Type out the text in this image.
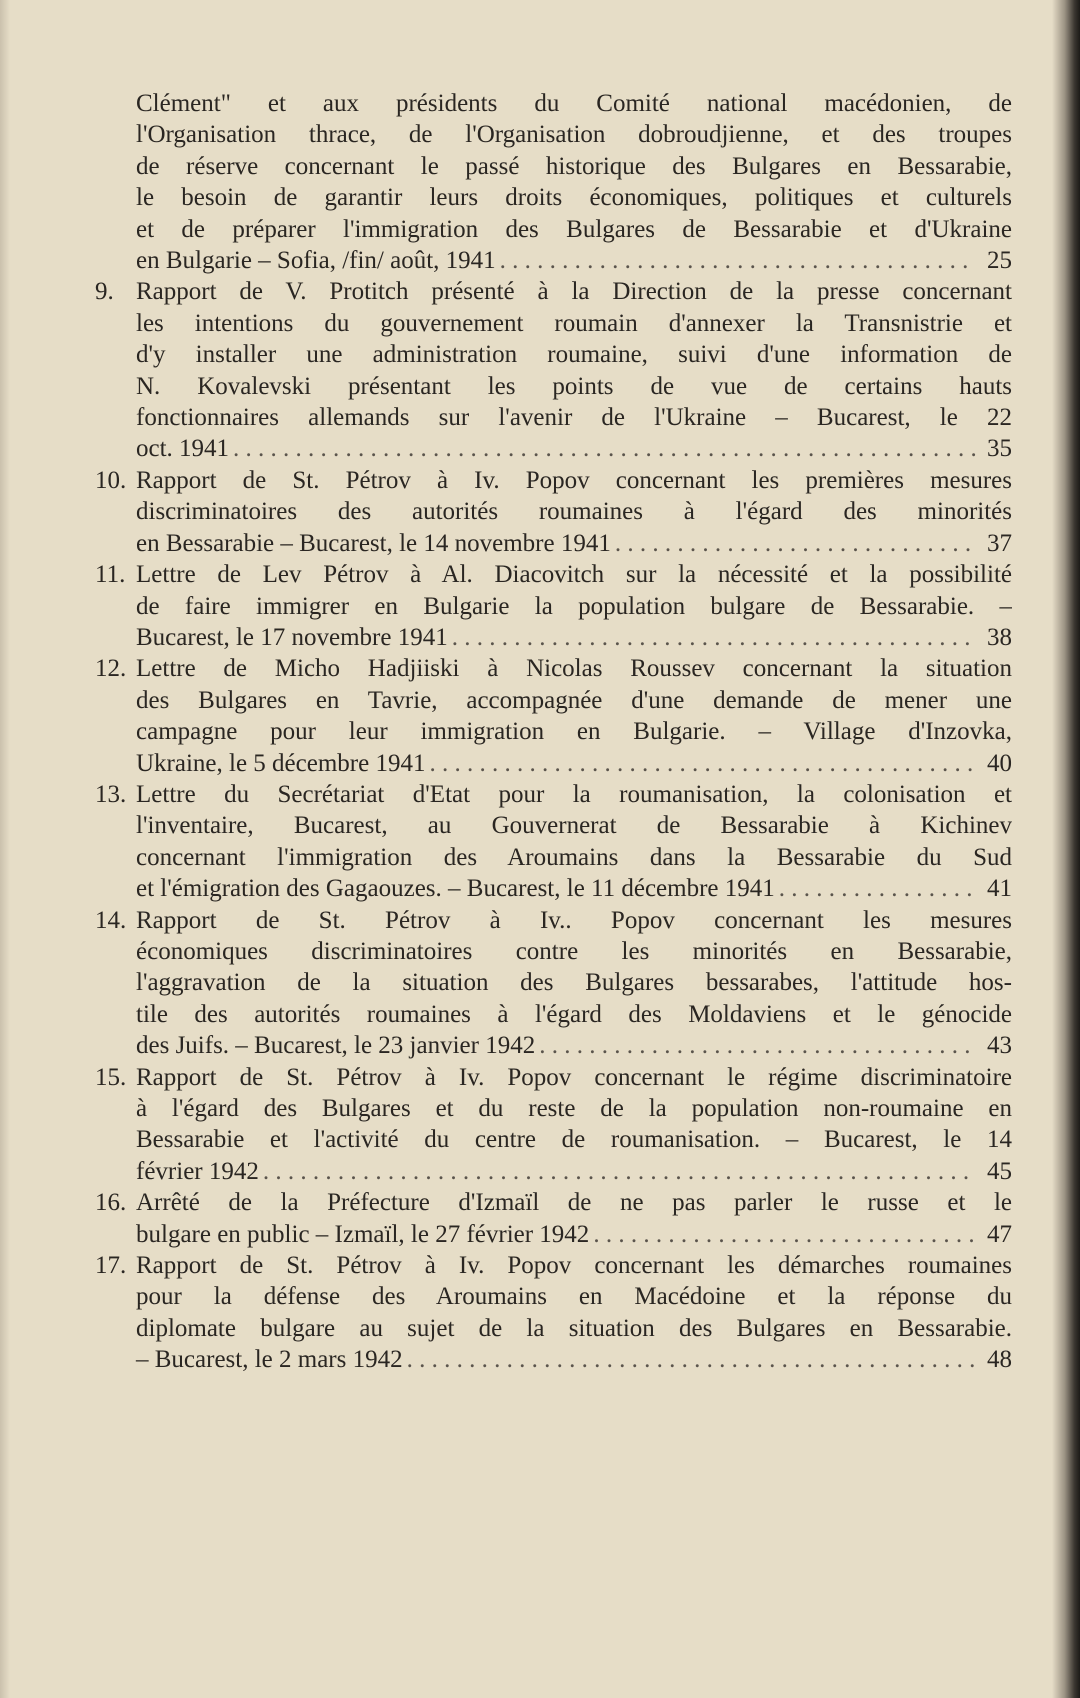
Clément" et aux présidents du Comité national macédonien, de
l'Organisation thrace, de l'Organisation dobroudjienne, et des troupes
de réserve concernant le passé historique des Bulgares en Bessarabie,
le besoin de garantir leurs droits économiques, politiques et culturels
et de préparer l'immigration des Bulgares de Bessarabie et d'Ukraine
en Bulgarie – Sofia, /fin/ août, 1941 . . .	25
9. Rapport de V. Protitch présenté à la Direction de la presse concernant
les intentions du gouvernement roumain d'annexer la Transnistrie et
d'y installer une administration roumaine, suivi d'une information de
N. Kovalevski présentant les points de vue de certains hauts
fonctionnaires allemands sur l'avenir de l'Ukraine – Bucarest, le 22
oct. 1941 . . .	35
10. Rapport de St. Pétrov à Iv. Popov concernant les premières mesures
discriminatoires des autorités roumaines à l'égard des minorités
en Bessarabie – Bucarest, le 14 novembre 1941 . . .	37
11. Lettre de Lev Pétrov à Al. Diacovitch sur la nécessité et la possibilité
de faire immigrer en Bulgarie la population bulgare de Bessarabie. –
Bucarest, le 17 novembre 1941 . . .	38
12. Lettre de Micho Hadjiiski à Nicolas Roussev concernant la situation
des Bulgares en Tavrie, accompagnée d'une demande de mener une
campagne pour leur immigration en Bulgarie. – Village d'Inzovka,
Ukraine, le 5 décembre 1941 . . .	40
13. Lettre du Secrétariat d'Etat pour la roumanisation, la colonisation et
l'inventaire, Bucarest, au Gouvernerat de Bessarabie à Kichinev
concernant l'immigration des Aroumains dans la Bessarabie du Sud
et l'émigration des Gagaouzes. – Bucarest, le 11 décembre 1941 . . .	41
14. Rapport de St. Pétrov à Iv.. Popov concernant les mesures
économiques discriminatoires contre les minorités en Bessarabie,
l'aggravation de la situation des Bulgares bessarabes, l'attitude hos-
tile des autorités roumaines à l'égard des Moldaviens et le génocide
des Juifs. – Bucarest, le 23 janvier 1942 . . .	43
15. Rapport de St. Pétrov à Iv. Popov concernant le régime discriminatoire
à l'égard des Bulgares et du reste de la population non-roumaine en
Bessarabie et l'activité du centre de roumanisation. – Bucarest, le 14
février 1942 . . .	45
16. Arrêté de la Préfecture d'Izmaïl de ne pas parler le russe et le
bulgare en public – Izmaïl, le 27 février 1942 . . .	47
17. Rapport de St. Pétrov à Iv. Popov concernant les démarches roumaines
pour la défense des Aroumains en Macédoine et la réponse du
diplomate bulgare au sujet de la situation des Bulgares en Bessarabie.
– Bucarest, le 2 mars 1942 . . .	48
